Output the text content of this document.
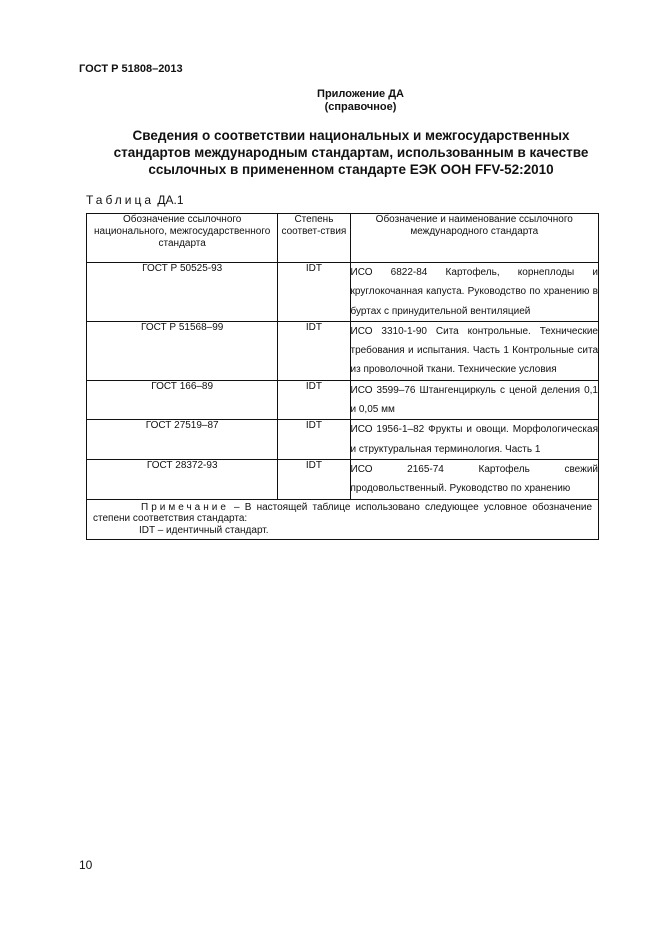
ГОСТ Р 51808–2013
Приложение ДА
(справочное)
Сведения о соответствии национальных и межгосударственных
стандартов международным стандартам, использованным в качестве
ссылочных в примененном стандарте ЕЭК ООН FFV-52:2010
Таблица ДА.1
Обозначение ссылочного национального, межгосударственного стандарта	Степень соответ-ствия	Обозначение и наименование ссылочного международного стандарта
ГОСТ Р 50525-93	IDT	ИСО 6822-84 Картофель, корнеплоды и круглокочанная капуста. Руководство по хранению в буртах с принудительной вентиляцией
ГОСТ Р 51568–99	IDT	ИСО 3310-1-90 Сита контрольные. Технические требования и испытания. Часть 1 Контрольные сита из проволочной ткани. Технические условия
ГОСТ 166–89	IDT	ИСО 3599–76 Штангенциркуль с ценой деления 0,1 и 0,05 мм
ГОСТ 27519–87	IDT	ИСО 1956-1–82 Фрукты и овощи. Морфологическая и структуральная терминология. Часть 1
ГОСТ 28372-93	IDT	ИСО 2165-74 Картофель свежий продовольственный. Руководство по хранению

Примечание – В настоящей таблице использовано следующее условное обозначение
степени соответствия стандарта:
IDT – идентичный стандарт.		
10
